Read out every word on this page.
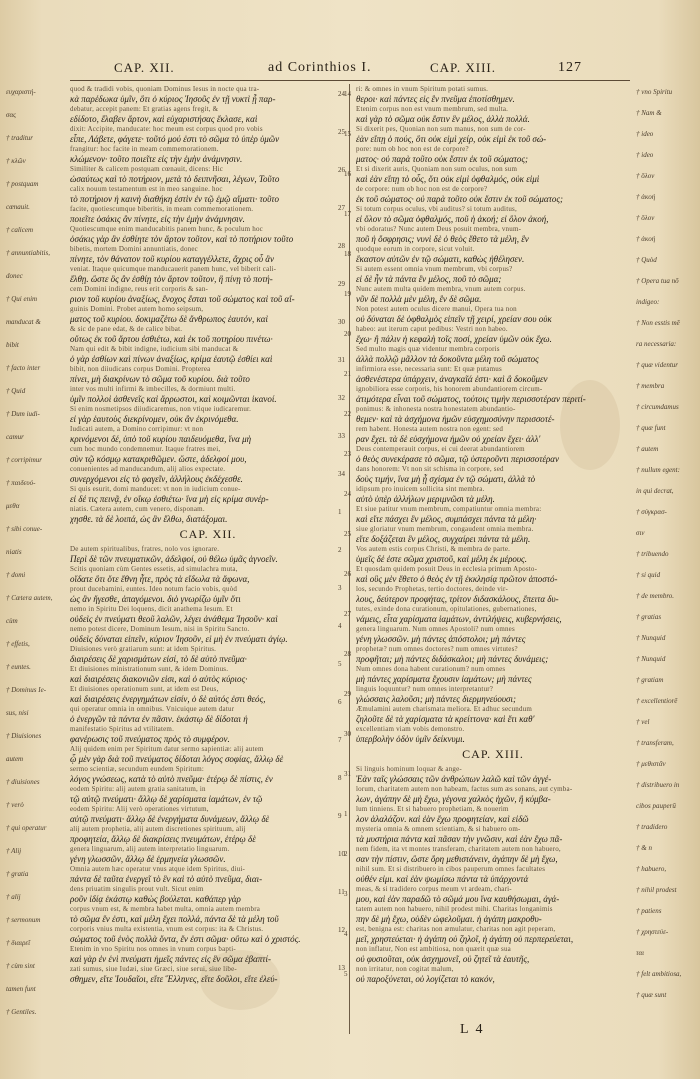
CAP. XII.	ad Corinthios I.	CAP. XIII.	127
ευχαριστή-
σας
† traditur
† κλῶν
† postquam
cœnauit.
† calicem
† annuntiabitis,
donec
† Qui enim
manducat &
bibit
† facto inter
† Quid
† Dum iudi-
camur
† corripimur
† παιδευό-
μεθα
† sibi conue-
niatis
† domi
† Cætera autem,
cùm
† effetis,
† euntes.
† Dominus Ie-
sus, nisi
† Diuisiones
autem
† diuisiones
† verò
† qui operatur
† Alij
† gratia
† alij
† sermonum
† διαιρεῖ
† cùm sint
tamen funt
† Gentiles.
quod & tradidi vobis, quoniam Dominus Iesus in nocte qua tra-
κὰ παρέδωκα ὑμῖν, ὅτι ὁ κύριος Ἰησοῦς ἐν τῇ νυκτὶ ᾗ παρ-
debatur, accepit panem: Et gratias agens fregit, &
εδίδοτο, ἔλαβεν ἄρτον, καὶ εὐχαριστήσας ἔκλασε, καὶ
dixit: Accipite, manducate: hoc meum est corpus quod pro vobis
εἶπε, Λάβετε, φάγετε· τοῦτό μού ἐστι τὸ σῶμα τὸ ὑπὲρ ὑμῶν
frangitur: hoc facite in meam commemorationem.
κλώμενον· τοῦτο ποιεῖτε εἰς τὴν ἐμὴν ἀνάμνησιν.
Similiter & calicem postquam cœnauit, dicens: Hic
ὡσαύτως καὶ τὸ ποτήριον, μετὰ τὸ δειπνῆσαι, λέγων, Τοῦτο
calix nouum testamentum est in meo sanguine. hoc
τὸ ποτήριον ἡ καινὴ διαθήκη ἐστὶν ἐν τῷ ἐμῷ αἵματι· τοῦτο
facite, quotiescumque biberitis, in meam commemorationem.
ποιεῖτε ὁσάκις ἂν πίνητε, εἰς τὴν ἐμὴν ἀνάμνησιν.
Quotiescumque enim manducabitis panem hunc, & poculum hoc
ὁσάκις γὰρ ἂν ἐσθίητε τὸν ἄρτον τοῦτον, καὶ τὸ ποτήριον τοῦτο
bibetis, mortem Domini annuntiatis, donec
πίνητε, τὸν θάνατον τοῦ κυρίου καταγγέλλετε, ἄχρις οὗ ἂν
veniat. Itaque quicumque manducauerit panem hunc, vel biberit cali-
ἔλθῃ. ὥστε ὃς ἂν ἐσθίῃ τὸν ἄρτον τοῦτον, ἢ πίνῃ τὸ ποτή-
cem Domini indigne, reus erit corporis & san-
ριον τοῦ κυρίου ἀναξίως, ἔνοχος ἔσται τοῦ σώματος καὶ τοῦ αἵ-
guinis Domini. Probet autem homo seipsum,
ματος τοῦ κυρίου. δοκιμαζέτω δὲ ἄνθρωπος ἑαυτόν, καὶ
& sic de pane edat, & de calice bibat.
οὕτως ἐκ τοῦ ἄρτου ἐσθιέτω, καὶ ἐκ τοῦ ποτηρίου πινέτω·
Nam qui edit & bibit indigne, iudicium sibi manducat &
ὁ γὰρ ἐσθίων καὶ πίνων ἀναξίως, κρίμα ἑαυτῷ ἐσθίει καὶ
bibit, non diiudicans corpus Domini. Propterea
πίνει, μὴ διακρίνων τὸ σῶμα τοῦ κυρίου. διὰ τοῦτο
inter vos multi infirmi & imbecilles, & dormiunt multi.
ὑμῖν πολλοὶ ἀσθενεῖς καὶ ἄρρωστοι, καὶ κοιμῶνται ἱκανοί.
Si enim nosmetipsos diiudicaremus, non vtique iudicaremur.
εἰ γὰρ ἑαυτοὺς διεκρίνομεν, οὐκ ἂν ἐκρινόμεθα.
Iudicati autem, a Domino corripimur: vt non
κρινόμενοι δέ, ὑπὸ τοῦ κυρίου παιδευόμεθα, ἵνα μὴ
cum hoc mundo condemnemur. Itaque fratres mei,
σὺν τῷ κόσμῳ κατακριθῶμεν. ὥστε, ἀδελφοί μου,
conuenientes ad manducandum, alij alios expectate.
συνερχόμενοι εἰς τὸ φαγεῖν, ἀλλήλους ἐκδέχεσθε.
Si quis esurit, domi manducet: vt non in iudicium conue-
εἰ δέ τις πεινᾷ, ἐν οἴκῳ ἐσθιέτω· ἵνα μὴ εἰς κρίμα συνέρ-
niatis. Cætera autem, cum venero, disponam.
χησθε. τὰ δὲ λοιπά, ὡς ἂν ἔλθω, διατάξομαι.
CAP. XII.
De autem spiritualibus, fratres, nolo vos ignorare.
Περὶ δὲ τῶν πνευματικῶν, ἀδελφοί, οὐ θέλω ὑμᾶς ἀγνοεῖν.
Scitis quoniam cùm Gentes essetis, ad simulachra muta,
οἴδατε ὅτι ὅτε ἔθνη ἦτε, πρὸς τὰ εἴδωλα τὰ ἄφωνα,
prout ducebamini, euntes. Ideo notum facio vobis, quòd
ὡς ἂν ἤγεσθε, ἀπαγόμενοι. διὸ γνωρίζω ὑμῖν ὅτι
nemo in Spiritu Dei loquens, dicit anathema Iesum. Et
οὐδεὶς ἐν πνεύματι θεοῦ λαλῶν, λέγει ἀνάθεμα Ἰησοῦν· καὶ
nemo potest dicere, Dominum Iesum, nisi in Spiritu Sancto.
οὐδεὶς δύναται εἰπεῖν, κύριον Ἰησοῦν, εἰ μὴ ἐν πνεύματι ἁγίῳ.
Diuisiones verò gratiarum sunt: at idem Spiritus.
διαιρέσεις δὲ χαρισμάτων εἰσί, τὸ δὲ αὐτὸ πνεῦμα·
Et diuisiones ministrationum sunt, & idem Dominus.
καὶ διαιρέσεις διακονιῶν εἰσι, καὶ ὁ αὐτὸς κύριος·
Et diuisiones operationum sunt, at idem est Deus,
καὶ διαιρέσεις ἐνεργημάτων εἰσίν, ὁ δὲ αὐτός ἐστι θεός,
qui operatur omnia in omnibus. Vnicuique autem datur
ὁ ἐνεργῶν τὰ πάντα ἐν πᾶσιν. ἑκάστῳ δὲ δίδοται ἡ
manifestatio Spiritus ad vtilitatem.
φανέρωσις τοῦ πνεύματος πρὸς τὸ συμφέρον.
Alij quidem enim per Spiritum datur sermo sapientiæ: alij autem
ᾧ μὲν γὰρ διὰ τοῦ πνεύματος δίδοται λόγος σοφίας, ἄλλῳ δὲ
sermo scientiæ, secundum eundem Spiritum:
λόγος γνώσεως, κατὰ τὸ αὐτὸ πνεῦμα· ἑτέρῳ δὲ πίστις, ἐν
eodem Spiritu: alij autem gratia sanitatum, in
τῷ αὐτῷ πνεύματι· ἄλλῳ δὲ χαρίσματα ἰαμάτων, ἐν τῷ
eodem Spiritu: Alij verò operationes virtutum,
αὐτῷ πνεύματι· ἄλλῳ δὲ ἐνεργήματα δυνάμεων, ἄλλῳ δὲ
alij autem prophetia, alij autem discretiones spirituum, alij
προφητεία, ἄλλῳ δὲ διακρίσεις πνευμάτων, ἑτέρῳ δὲ
genera linguarum, alij autem interpretatio linguarum.
γένη γλωσσῶν, ἄλλῳ δὲ ἑρμηνεία γλωσσῶν.
Omnia autem hæc operatur vnus atque idem Spiritus, diui-
πάντα δὲ ταῦτα ἐνεργεῖ τὸ ἓν καὶ τὸ αὐτὸ πνεῦμα, διαι-
dens priuatim singulis prout vult. Sicut enim
ροῦν ἰδίᾳ ἑκάστῳ καθὼς βούλεται. καθάπερ γὰρ
corpus vnum est, & membra habet multa, omnia autem membra
τὸ σῶμα ἕν ἐστι, καὶ μέλη ἔχει πολλά, πάντα δὲ τὰ μέλη τοῦ
corporis vnius multa existentia, vnum est corpus: ita & Christus.
σώματος τοῦ ἑνὸς πολλὰ ὄντα, ἕν ἐστι σῶμα· οὕτω καὶ ὁ χριστός.
Etenim in vno Spiritu nos omnes in vnum corpus bapti-
καὶ γὰρ ἐν ἑνὶ πνεύματι ἡμεῖς πάντες εἰς ἓν σῶμα ἐβαπτί-
zati sumus, siue Iudæi, siue Græci, siue serui, siue libe-
σθημεν, εἴτε Ἰουδαῖοι, εἴτε Ἕλληνες, εἴτε δοῦλοι, εἴτε ἐλεύ-
ri: & omnes in vnum Spiritum potati sumus.
θεροι· καὶ πάντες εἰς ἓν πνεῦμα ἐποτίσθημεν.
Etenim corpus non est vnum membrum, sed multa.
καὶ γὰρ τὸ σῶμα οὐκ ἔστιν ἓν μέλος, ἀλλὰ πολλά.
Si dixerit pes, Quonian non sum manus, non sum de cor-
ἐὰν εἴπῃ ὁ πούς, ὅτι οὐκ εἰμὶ χείρ, οὐκ εἰμὶ ἐκ τοῦ σώ-
pore: num ob hoc non est de corpore?
ματος· οὐ παρὰ τοῦτο οὐκ ἔστιν ἐκ τοῦ σώματος;
Et si dixerit auris, Quoniam non sum oculus, non sum
καὶ ἐὰν εἴπῃ τὸ οὖς, ὅτι οὐκ εἰμὶ ὀφθαλμός, οὐκ εἰμὶ
de corpore: num ob hoc non est de corpore?
ἐκ τοῦ σώματος· οὐ παρὰ τοῦτο οὐκ ἔστιν ἐκ τοῦ σώματος;
Si totum corpus oculus, vbi auditus? si totum auditus,
εἰ ὅλον τὸ σῶμα ὀφθαλμός, ποῦ ἡ ἀκοή; εἰ ὅλον ἀκοή,
vbi odoratus? Nunc autem Deus posuit membra, vnum-
ποῦ ἡ ὄσφρησις; νυνὶ δὲ ὁ θεὸς ἔθετο τὰ μέλη, ἓν
quodque eorum in corpore, sicut voluit.
ἕκαστον αὐτῶν ἐν τῷ σώματι, καθὼς ἠθέλησεν.
Si autem essent omnia vnum membrum, vbi corpus?
εἰ δὲ ἦν τὰ πάντα ἓν μέλος, ποῦ τὸ σῶμα;
Nunc autem multa quidem membra, vnum autem corpus.
νῦν δὲ πολλὰ μὲν μέλη, ἓν δὲ σῶμα.
Non potest autem oculus dicere manui, Opera tua non
οὐ δύναται δὲ ὀφθαλμὸς εἰπεῖν τῇ χειρί, χρείαν σου οὐκ
habeo: aut iterum caput pedibus: Vestri non habeo.
ἔχω· ἢ πάλιν ἡ κεφαλὴ τοῖς ποσί, χρείαν ὑμῶν οὐκ ἔχω.
Sed multo magis quæ videntur membra corporis
ἀλλὰ πολλῷ μᾶλλον τὰ δοκοῦντα μέλη τοῦ σώματος
infirmiora esse, necessaria sunt: Et quæ putamus
ἀσθενέστερα ὑπάρχειν, ἀναγκαῖά ἐστι· καὶ ἃ δοκοῦμεν
ignobiliora esse corporis, his honorem abundantiorem circum-
ἀτιμότερα εἶναι τοῦ σώματος, τούτοις τιμὴν περισσοτέραν περιτί-
ponimus: & inhonesta nostra honestatem abundantio-
θεμεν· καὶ τὰ ἀσχήμονα ἡμῶν εὐσχημοσύνην περισσοτέ-
rem habent. Honesta autem nostra non egent: sed
ραν ἔχει. τὰ δὲ εὐσχήμονα ἡμῶν οὐ χρείαν ἔχει· ἀλλ'
Deus contemperauit corpus, ei cui deerat abundantiorem
ὁ θεὸς συνεκέρασε τὸ σῶμα, τῷ ὑστεροῦντι περισσοτέραν
dans honorem: Vt non sit schisma in corpore, sed
δοὺς τιμήν, ἵνα μὴ ᾖ σχίσμα ἐν τῷ σώματι, ἀλλὰ τὸ
idipsum pro inuicem sollicita sint membra.
αὐτὸ ὑπὲρ ἀλλήλων μεριμνῶσι τὰ μέλη.
Et siue patitur vnum membrum, compatiuntur omnia membra:
καὶ εἴτε πάσχει ἓν μέλος, συμπάσχει πάντα τὰ μέλη·
siue gloriatur vnum membrum, congaudent omnia membra.
εἴτε δοξάζεται ἓν μέλος, συγχαίρει πάντα τὰ μέλη.
Vos autem estis corpus Christi, & membra de parte.
ὑμεῖς δέ ἐστε σῶμα χριστοῦ, καὶ μέλη ἐκ μέρους.
Et quosdam quidem posuit Deus in ecclesia primum Aposto-
καὶ οὓς μὲν ἔθετο ὁ θεὸς ἐν τῇ ἐκκλησίᾳ πρῶτον ἀποστό-
los, secundo Prophetas, tertio doctores, deinde vir-
λους, δεύτερον προφήτας, τρίτον διδασκάλους, ἔπειτα δυ-
tutes, exinde dona curationum, opitulationes, gubernationes,
νάμεις, εἶτα χαρίσματα ἰαμάτων, ἀντιλήψεις, κυβερνήσεις,
genera linguarum. Num omnes Apostoli? num omnes
γένη γλωσσῶν. μὴ πάντες ἀπόστολοι; μὴ πάντες
prophetæ? num omnes doctores? num omnes virtutes?
προφῆται; μὴ πάντες διδάσκαλοι; μὴ πάντες δυνάμεις;
Num omnes dona habent curationum? num omnes
μὴ πάντες χαρίσματα ἔχουσιν ἰαμάτων; μὴ πάντες
linguis loquuntur? num omnes interpretantur?
γλώσσαις λαλοῦσι; μὴ πάντες διερμηνεύουσι;
Æmulamini autem charismata meliora. Et adhuc secundum
ζηλοῦτε δὲ τὰ χαρίσματα τὰ κρείττονα· καὶ ἔτι καθ'
excellentiam viam vobis demonstro.
ὑπερβολὴν ὁδὸν ὑμῖν δείκνυμι.
CAP. XIII.
Si linguis hominum loquar & ange-
Ἐὰν ταῖς γλώσσαις τῶν ἀνθρώπων λαλῶ καὶ τῶν ἀγγέ-
lorum, charitatem autem non habeam, factus sum æs sonans, aut cymba-
λων, ἀγάπην δὲ μὴ ἔχω, γέγονα χαλκὸς ἠχῶν, ἢ κύμβα-
lum tinniens. Et si habuero prophetiam, & nouerim
λον ἀλαλάζον. καὶ ἐὰν ἔχω προφητείαν, καὶ εἰδῶ
mysteria omnia & omnem scientiam, & si habuero om-
τὰ μυστήρια πάντα καὶ πᾶσαν τὴν γνῶσιν, καὶ ἐὰν ἔχω πᾶ-
nem fidem, ita vt montes transferam, charitatem autem non habuero,
σαν τὴν πίστιν, ὥστε ὄρη μεθιστάνειν, ἀγάπην δὲ μὴ ἔχω,
nihil sum. Et si distribuero in cibos pauperum omnes facultates
οὐθέν εἰμι. καὶ ἐὰν ψωμίσω πάντα τὰ ὑπάρχοντά
meas, & si tradidero corpus meum vt ardeam, chari-
μου, καὶ ἐὰν παραδῶ τὸ σῶμά μου ἵνα καυθήσωμαι, ἀγά-
tatem autem non habuero, nihil prodest mihi. Charitas longanimis
πην δὲ μὴ ἔχω, οὐδὲν ὠφελοῦμαι. ἡ ἀγάπη μακροθυ-
est, benigna est: charitas non æmulatur, charitas non agit peperam,
μεῖ, χρηστεύεται· ἡ ἀγάπη οὐ ζηλοῖ, ἡ ἀγάπη οὐ περπερεύεται,
non inflatur, Non est ambitiosa, non quærit quæ sua
οὐ φυσιοῦται, οὐκ ἀσχημονεῖ, οὐ ζητεῖ τὰ ἑαυτῆς,
non irritatur, non cogitat malum,
οὐ παροξύνεται, οὐ λογίζεται τὸ κακόν,
† vno Spiritu
† Nam &
† ideo
† ideo
† ὅλον
† ἀκοή
† ὅλον
† ἀκοή
† Quòd
† Opera tua nō
indigeo:
† Non esstis mē
ra necessaria:
† quæ videntur
† membra
† circumdamus
† quæ funt
† autem
† nullum egent:
in qui decrat,
† σύγκρασ-
σιν
† tribuendo
† si quid
† de membro.
† gratias
† Nunquid
† Nunquid
† gratiam
† excellentiorē
† vel
† transferam,
† μεθιστᾶν
† distribuero in
cibos pauperū
† tradidero
† & n
† habuero,
† nihil prodest
† patiens
† χρηστεύε-
ται
† felt ambitiosa,
† quæ sunt
L 4
24
25
26
27
28
29
30
31
32
33
34
1
2
3
4
5
6
7
8
9
10
11
12
13
14
15
16
17
18
19
20
21
22
23
24
25
26
27
28
29
30
31
1
2
3
4
5
